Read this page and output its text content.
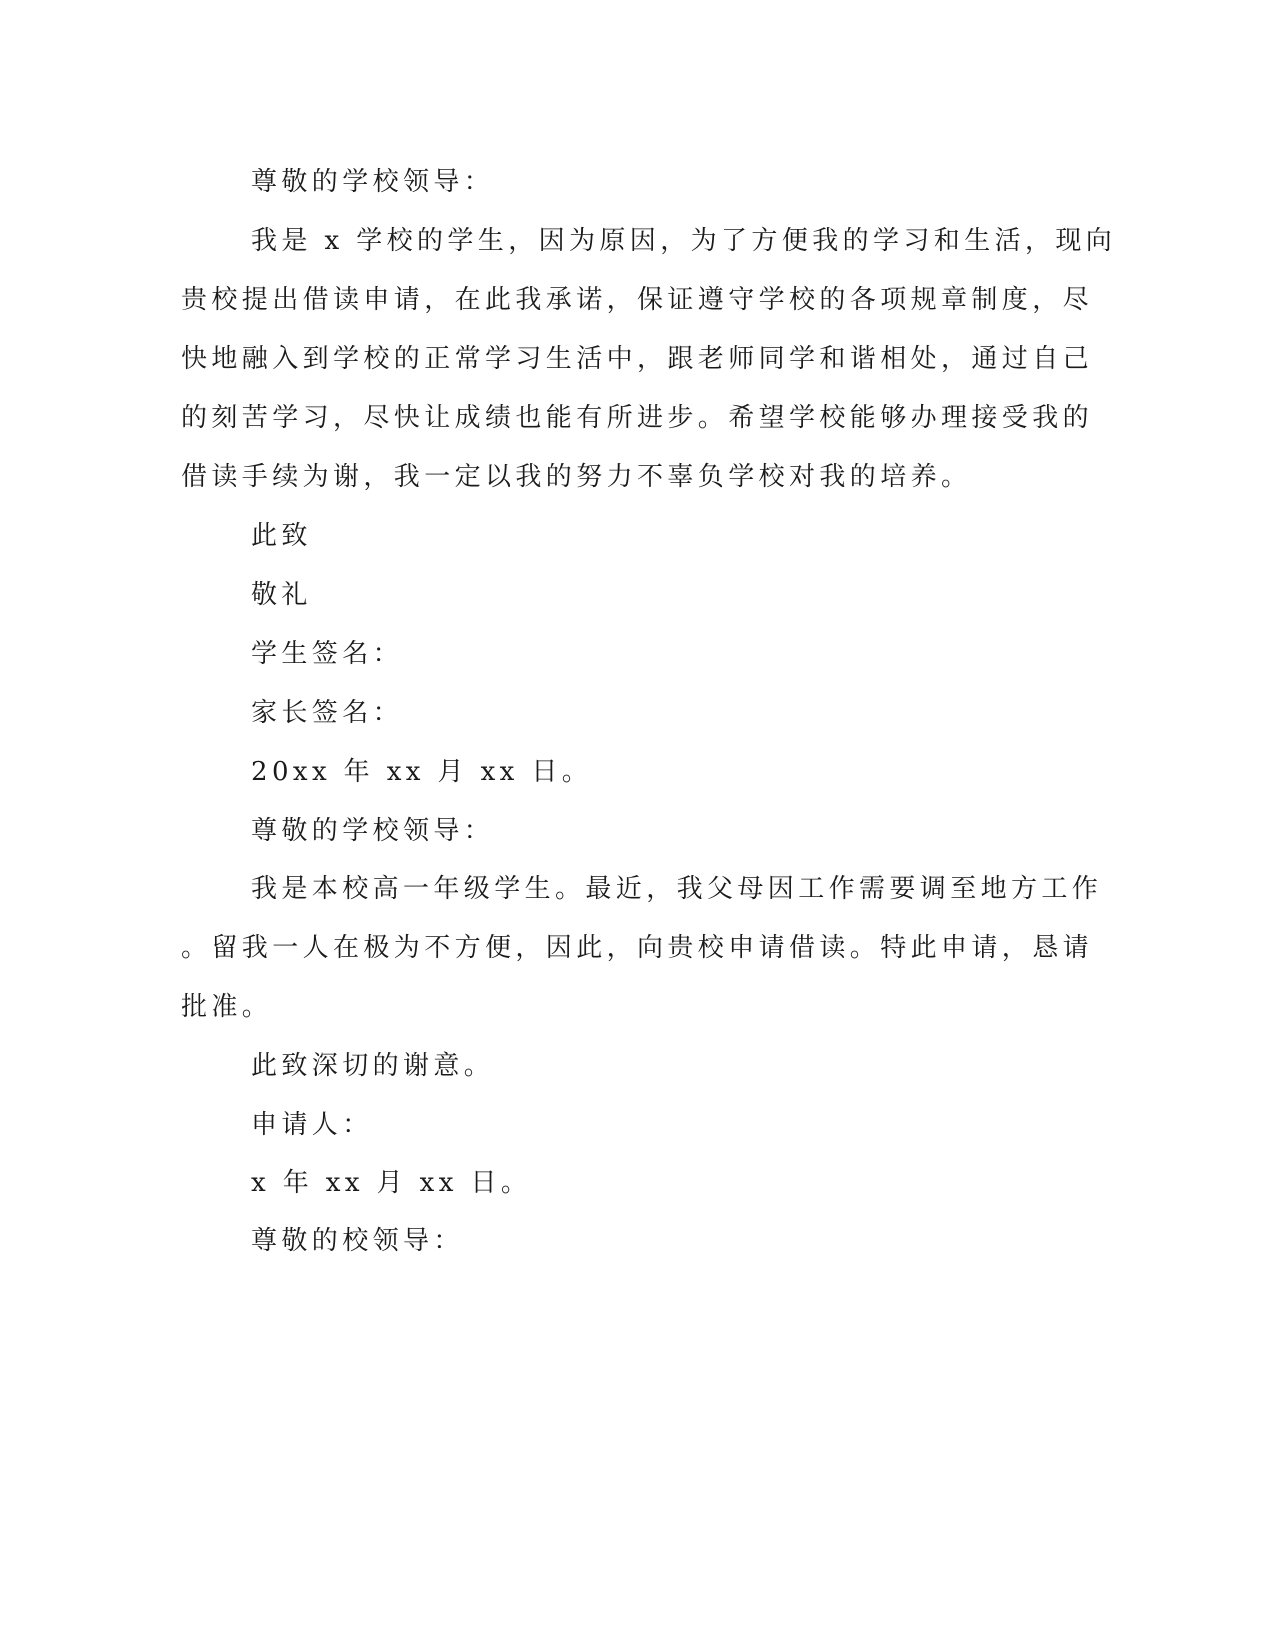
尊敬的学校领导：
我是 x 学校的学生，因为原因，为了方便我的学习和生活，现向
贵校提出借读申请，在此我承诺，保证遵守学校的各项规章制度，尽
快地融入到学校的正常学习生活中，跟老师同学和谐相处，通过自己
的刻苦学习，尽快让成绩也能有所进步。希望学校能够办理接受我的
借读手续为谢，我一定以我的努力不辜负学校对我的培养。
此致
敬礼
学生签名：
家长签名：
20xx 年 xx 月 xx 日。
尊敬的学校领导：
我是本校高一年级学生。最近，我父母因工作需要调至地方工作
。留我一人在极为不方便，因此，向贵校申请借读。特此申请，恳请
批准。
此致深切的谢意。
申请人：
x 年 xx 月 xx 日。
尊敬的校领导：
